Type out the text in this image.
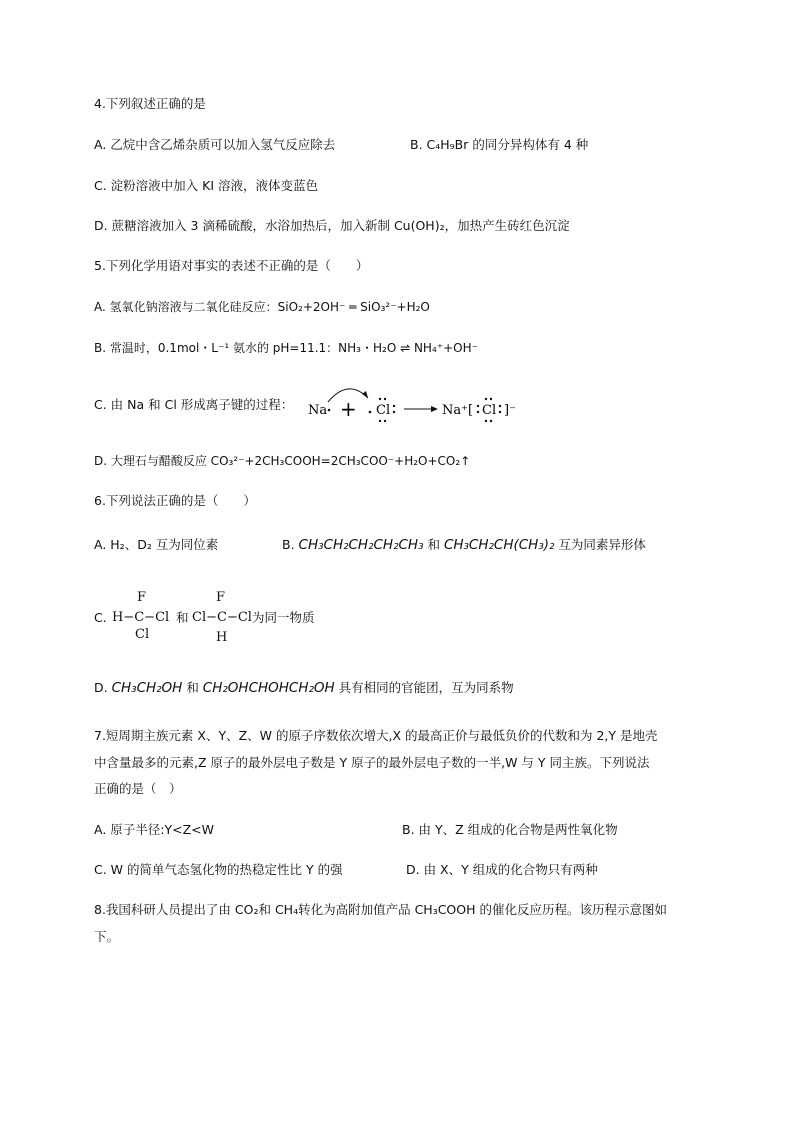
4.下列叙述正确的是
A. 乙烷中含乙烯杂质可以加入氢气反应除去	B. C₄H₉Br 的同分异构体有 4 种
C. 淀粉溶液中加入 KI 溶液，液体变蓝色
D. 蔗糖溶液加入 3 滴稀硫酸，水浴加热后，加入新制 Cu(OH)₂，加热产生砖红色沉淀
5.下列化学用语对事实的表述不正确的是（　　）
A. 氢氧化钠溶液与二氧化硅反应：SiO₂+2OH⁻ ═ SiO₃²⁻+H₂O
B. 常温时，0.1mol・L⁻¹ 氨水的 pH=11.1：NH₃・H₂O ⇌ NH₄⁺+OH⁻
C. 由 Na 和 Cl 形成离子键的过程： Na + Cl	Na⁺[ Cl ]⁻
D. 大理石与醋酸反应 CO₃²⁻+2CH₃COOH=2CH₃COO⁻+H₂O+CO₂↑
6.下列说法正确的是（　　）
A. H₂、D₂ 互为同位素	B. CH₃CH₂CH₂CH₂CH₃ 和 CH₃CH₂CH(CH₃)₂ 互为同素异形体
C.
F
H−C−Cl
Cl
和
F
Cl−C−Cl
H
为同一物质
D. CH₃CH₂OH 和 CH₂OHCHOHCH₂OH 具有相同的官能团，互为同系物
7.短周期主族元素 X、Y、Z、W 的原子序数依次增大,X 的最高正价与最低负价的代数和为 2,Y 是地壳
中含量最多的元素,Z 原子的最外层电子数是 Y 原子的最外层电子数的一半,W 与 Y 同主族。下列说法
正确的是（　）
A. 原子半径:Y<Z<W	B. 由 Y、Z 组成的化合物是两性氧化物
C. W 的简单气态氢化物的热稳定性比 Y 的强	D. 由 X、Y 组成的化合物只有两种
8.我国科研人员提出了由 CO₂和 CH₄转化为高附加值产品 CH₃COOH 的催化反应历程。该历程示意图如
下。
